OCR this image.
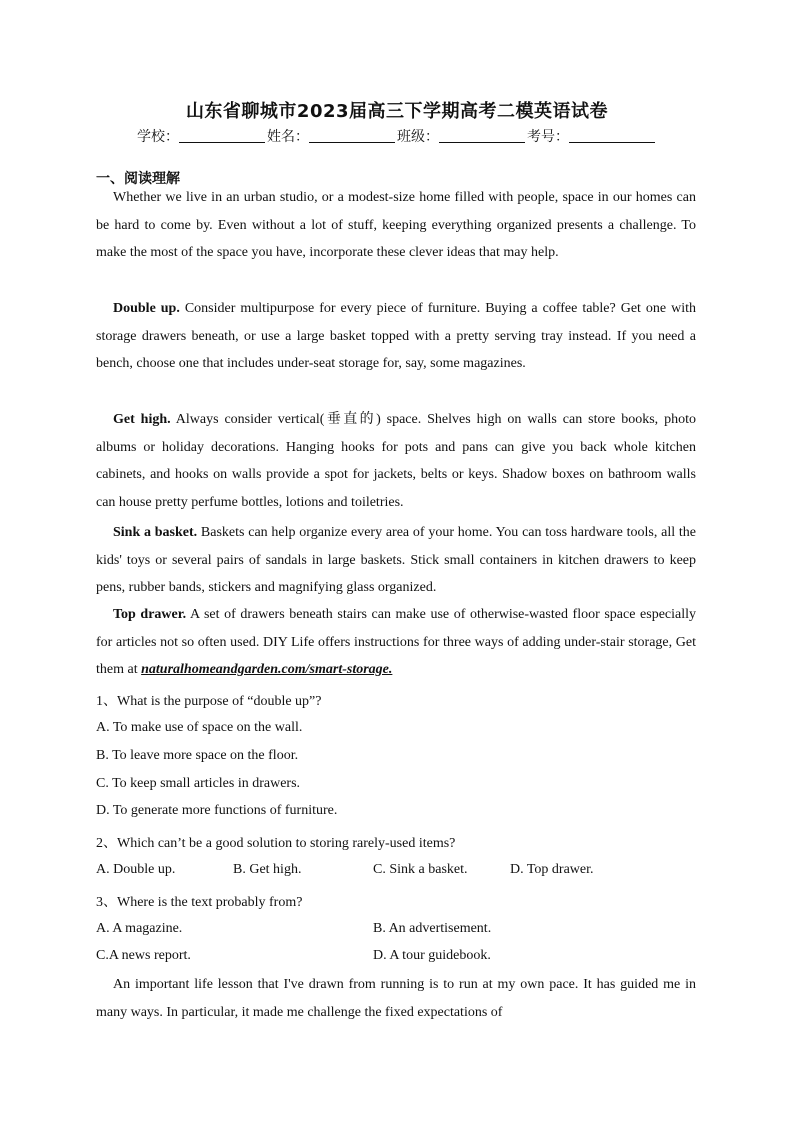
山东省聊城市2023届高三下学期高考二模英语试卷
学校：	姓名：	班级：	考号：
一、阅读理解

Whether we live in an urban studio, or a modest-size home filled with people, space in our homes can be hard to come by. Even without a lot of stuff, keeping everything organized presents a challenge. To make the most of the space you have, incorporate these clever ideas that may help.

Double up. Consider multipurpose for every piece of furniture. Buying a coffee table? Get one with storage drawers beneath, or use a large basket topped with a pretty serving tray instead. If you need a bench, choose one that includes under-seat storage for, say, some magazines.

Get high. Always consider vertical(垂直的) space. Shelves high on walls can store books, photo albums or holiday decorations. Hanging hooks for pots and pans can give you back whole kitchen cabinets, and hooks on walls provide a spot for jackets, belts or keys. Shadow boxes on bathroom walls can house pretty perfume bottles, lotions and toiletries.

Sink a basket. Baskets can help organize every area of your home. You can toss hardware tools, all the kids' toys or several pairs of sandals in large baskets. Stick small containers in kitchen drawers to keep pens, rubber bands, stickers and magnifying glass organized.

Top drawer. A set of drawers beneath stairs can make use of otherwise-wasted floor space especially for articles not so often used. DIY Life offers instructions for three ways of adding under-stair storage, Get them at naturalhomeandgarden.com/smart-storage.

1、What is the purpose of “double up”?
A. To make use of space on the wall.
B. To leave more space on the floor.
C. To keep small articles in drawers.
D. To generate more functions of furniture.
2、Which can’t be a good solution to storing rarely-used items?
A. Double up.	B. Get high.	C. Sink a basket.	D. Top drawer.
3、Where is the text probably from?
A. A magazine.	B. An advertisement.
C.A news report.	D. A tour guidebook.

An important life lesson that I've drawn from running is to run at my own pace. It has guided me in many ways. In particular, it made me challenge the fixed expectations of
